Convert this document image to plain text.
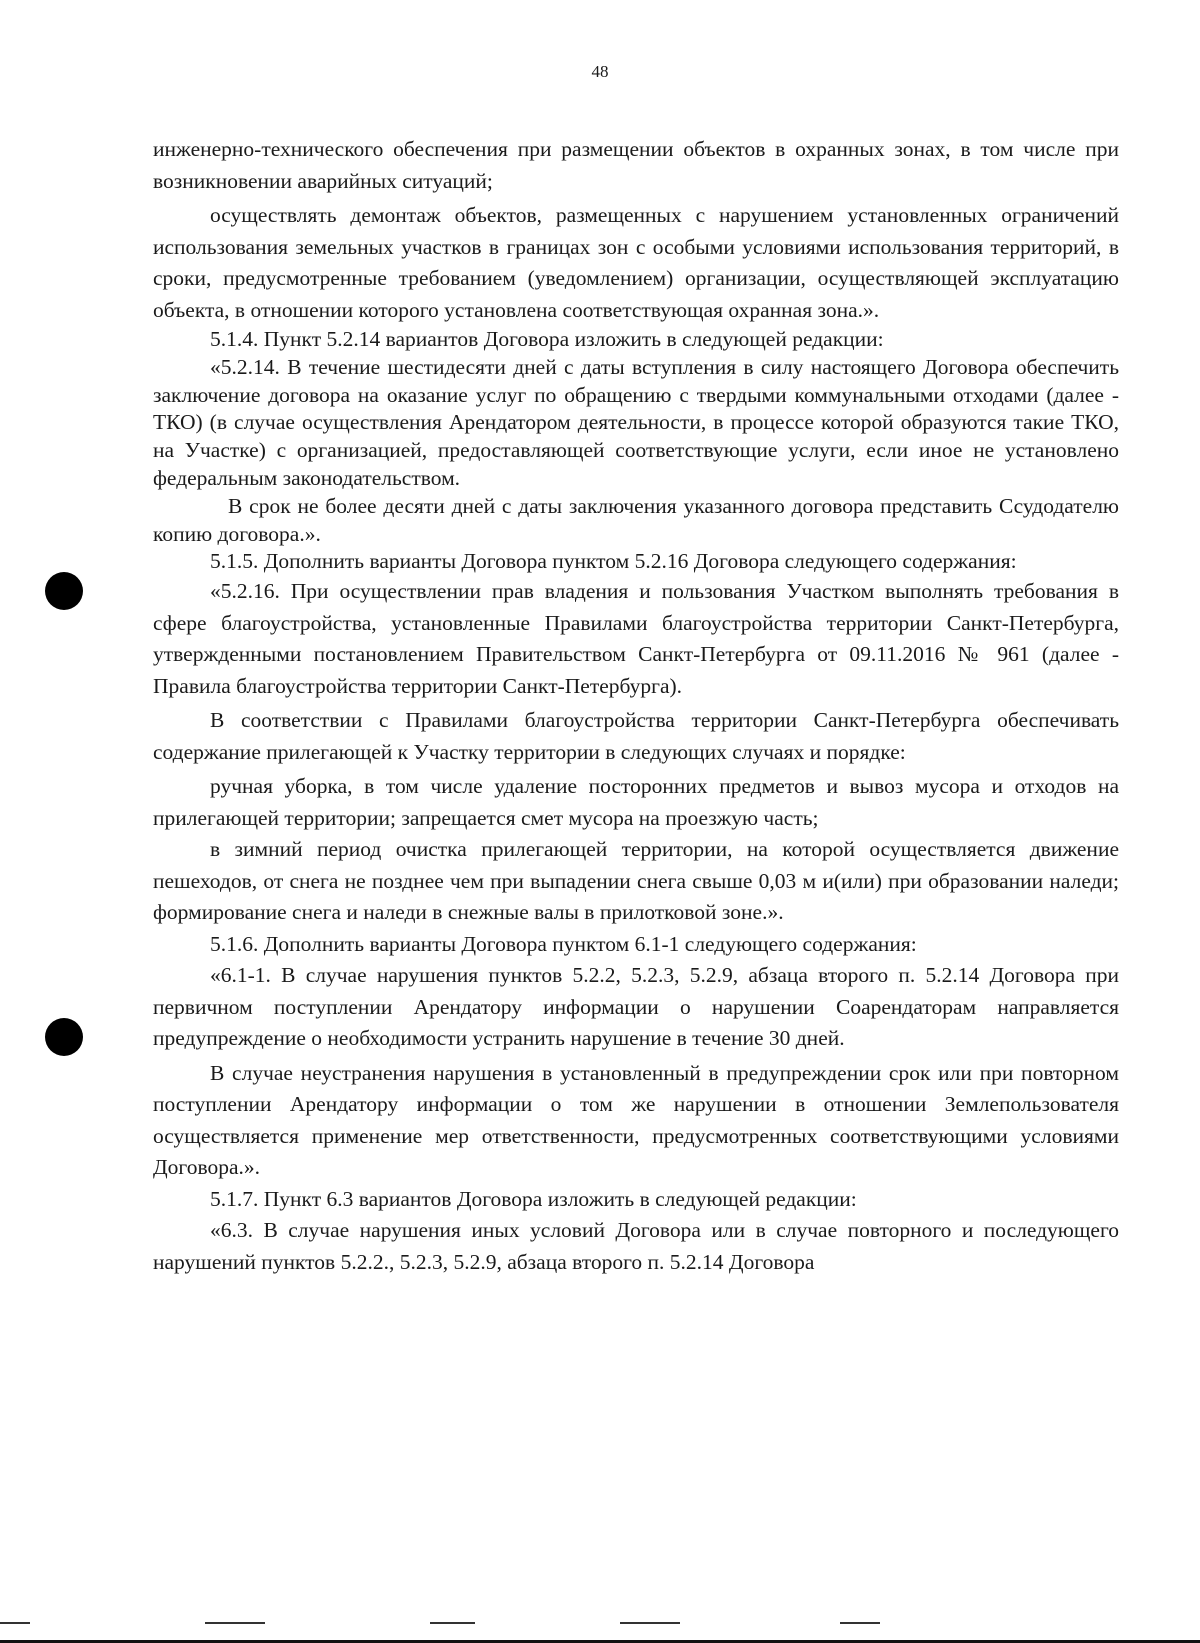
48

инженерно-технического обеспечения при размещении объектов в охранных зонах, в том числе при возникновении аварийных ситуаций;

осуществлять демонтаж объектов, размещенных с нарушением установленных ограничений использования земельных участков в границах зон с особыми условиями использования территорий, в сроки, предусмотренные требованием (уведомлением) организации, осуществляющей эксплуатацию объекта, в отношении которого установлена соответствующая охранная зона.».

5.1.4. Пункт 5.2.14 вариантов Договора изложить в следующей редакции:

«5.2.14. В течение шестидесяти дней с даты вступления в силу настоящего Договора обеспечить заключение договора на оказание услуг по обращению с твердыми коммунальными отходами (далее - ТКО) (в случае осуществления Арендатором деятельности, в процессе которой образуются такие ТКО, на Участке) с организацией, предоставляющей соответствующие услуги, если иное не установлено федеральным законодательством.

В срок не более десяти дней с даты заключения указанного договора представить Ссудодателю копию договора.».

5.1.5. Дополнить варианты Договора пунктом 5.2.16 Договора следующего содержания:

«5.2.16. При осуществлении прав владения и пользования Участком выполнять требования в сфере благоустройства, установленные Правилами благоустройства территории Санкт-Петербурга, утвержденными постановлением Правительством Санкт-Петербурга от 09.11.2016 № 961 (далее - Правила благоустройства территории Санкт-Петербурга).

В соответствии с Правилами благоустройства территории Санкт-Петербурга обеспечивать содержание прилегающей к Участку территории в следующих случаях и порядке:

ручная уборка, в том числе удаление посторонних предметов и вывоз мусора и отходов на прилегающей территории; запрещается смет мусора на проезжую часть;

в зимний период очистка прилегающей территории, на которой осуществляется движение пешеходов, от снега не позднее чем при выпадении снега свыше 0,03 м и(или) при образовании наледи; формирование снега и наледи в снежные валы в прилотковой зоне.».

5.1.6. Дополнить варианты Договора пунктом 6.1-1 следующего содержания:

«6.1-1. В случае нарушения пунктов 5.2.2, 5.2.3, 5.2.9, абзаца второго п. 5.2.14 Договора при первичном поступлении Арендатору информации о нарушении Соарендаторам направляется предупреждение о необходимости устранить нарушение в течение 30 дней.

В случае неустранения нарушения в установленный в предупреждении срок или при повторном поступлении Арендатору информации о том же нарушении в отношении Землепользователя осуществляется применение мер ответственности, предусмотренных соответствующими условиями Договора.».

5.1.7. Пункт 6.3 вариантов Договора изложить в следующей редакции:

«6.3. В случае нарушения иных условий Договора или в случае повторного и последующего нарушений пунктов 5.2.2., 5.2.3, 5.2.9, абзаца второго п. 5.2.14 Договора
